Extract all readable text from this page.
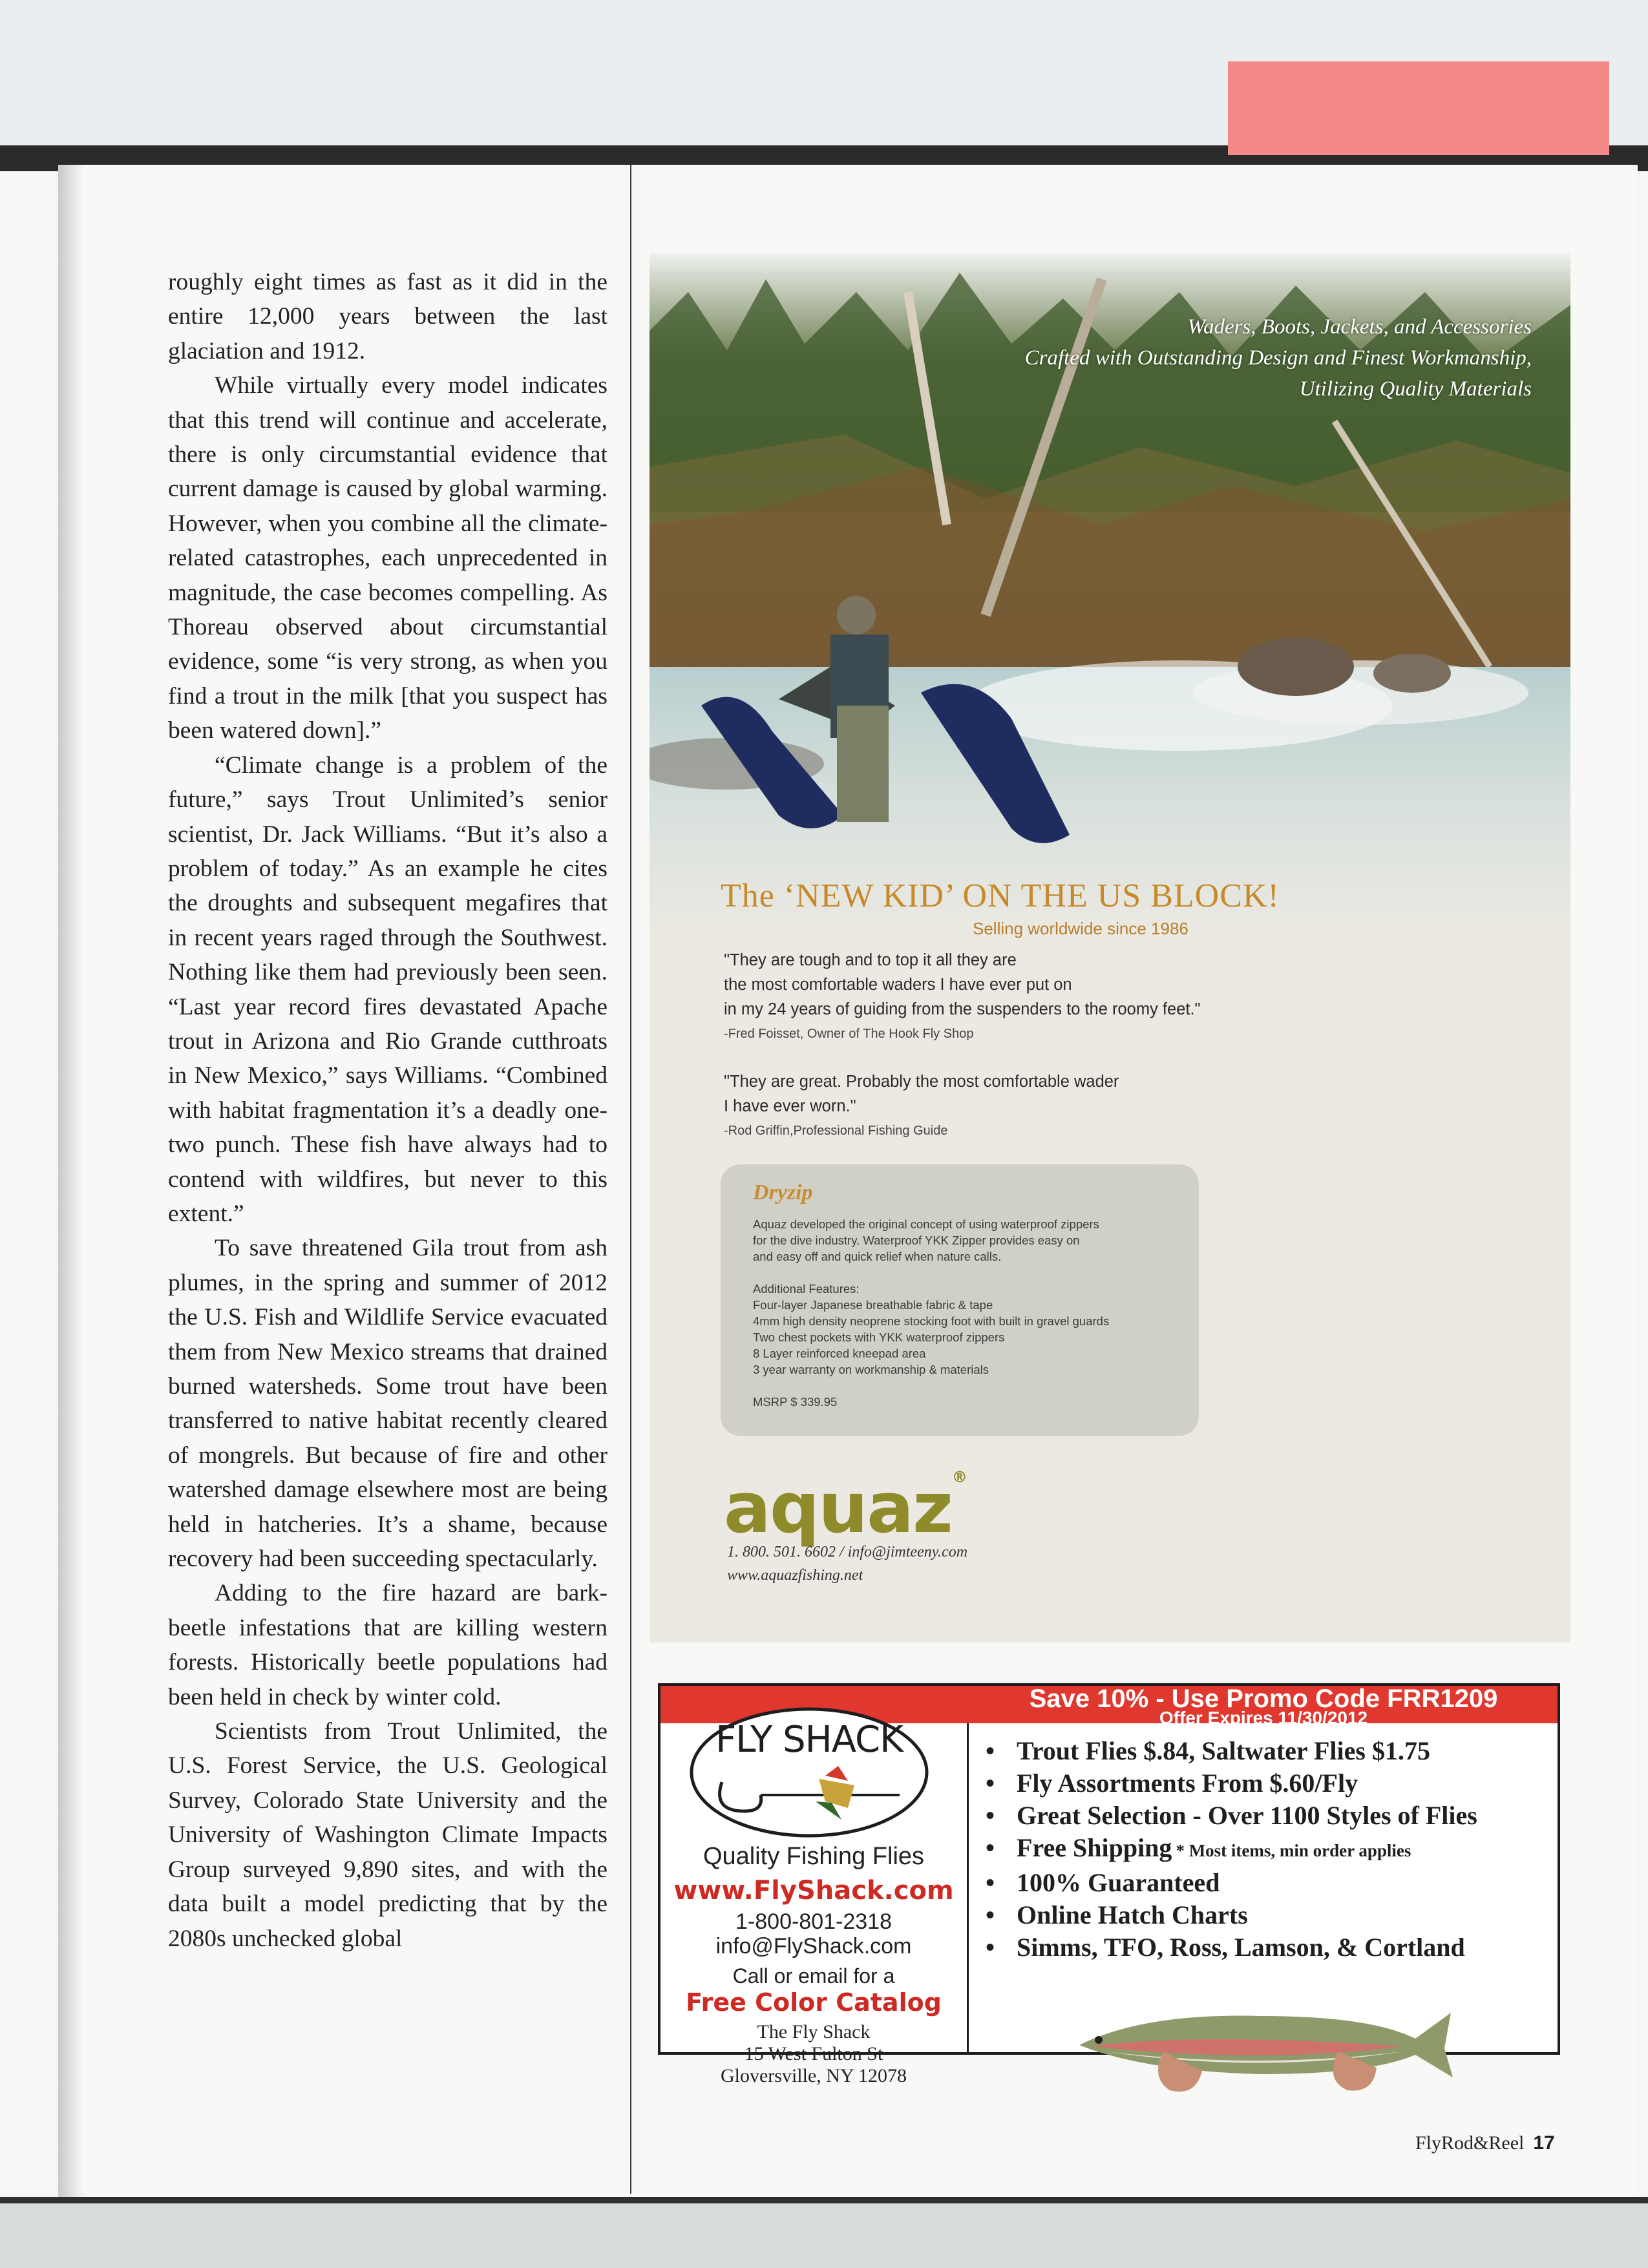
roughly eight times as fast as it did in the entire 12,000 years between the last glaciation and 1912.

While virtually every model indicates that this trend will continue and accelerate, there is only circumstantial evidence that current damage is caused by global warming. However, when you combine all the climate-related catastrophes, each unprecedented in magnitude, the case becomes compelling. As Thoreau observed about circumstantial evidence, some “is very strong, as when you find a trout in the milk [that you suspect has been watered down].”

“Climate change is a problem of the future,” says Trout Unlimited’s senior scientist, Dr. Jack Williams. “But it’s also a problem of today.” As an example he cites the droughts and subsequent megafires that in recent years raged through the Southwest. Nothing like them had previously been seen. “Last year record fires devastated Apache trout in Arizona and Rio Grande cutthroats in New Mexico,” says Williams. “Combined with habitat fragmentation it’s a deadly one-two punch. These fish have always had to contend with wildfires, but never to this extent.”

To save threatened Gila trout from ash plumes, in the spring and summer of 2012 the U.S. Fish and Wildlife Service evacuated them from New Mexico streams that drained burned watersheds. Some trout have been transferred to native habitat recently cleared of mongrels. But because of fire and other watershed damage elsewhere most are being held in hatcheries. It’s a shame, because recovery had been succeeding spectacularly.

Adding to the fire hazard are bark-beetle infestations that are killing western forests. Historically beetle populations had been held in check by winter cold.

Scientists from Trout Unlimited, the U.S. Forest Service, the U.S. Geological Survey, Colorado State University and the University of Washington Climate Impacts Group surveyed 9,890 sites, and with the data built a model predicting that by the 2080s unchecked global

Waders, Boots, Jackets, and Accessories
Crafted with Outstanding Design and Finest Workmanship,
Utilizing Quality Materials
The ‘NEW KID’ ON THE US BLOCK!
Selling worldwide since 1986
"They are tough and to top it all they are
the most comfortable waders I have ever put on
in my 24 years of guiding from the suspenders to the roomy feet."
-Fred Foisset, Owner of The Hook Fly Shop
"They are great. Probably the most comfortable wader
I have ever worn."
-Rod Griffin,Professional Fishing Guide
Dryzip
Aquaz developed the original concept of using waterproof zippers
for the dive industry. Waterproof YKK Zipper provides easy on
and easy off and quick relief when nature calls.
Additional Features:
Four-layer Japanese breathable fabric & tape
4mm high density neoprene stocking foot with built in gravel guards
Two chest pockets with YKK waterproof zippers
8 Layer reinforced kneepad area
3 year warranty on workmanship & materials
MSRP $ 339.95
aquaz®
1. 800. 501. 6602 / info@jimteeny.com
www.aquazfishing.net
Save 10% - Use Promo Code FRR1209
Offer Expires 11/30/2012
FLY SHACK
Quality Fishing Flies
www.FlyShack.com
1-800-801-2318
info@FlyShack.com
Call or email for a
Free Color Catalog
The Fly Shack
15 West Fulton St
Gloversville, NY 12078
• Trout Flies $.84, Saltwater Flies $1.75
• Fly Assortments From $.60/Fly
• Great Selection - Over 1100 Styles of Flies
• Free Shipping * Most items, min order applies
• 100% Guaranteed
• Online Hatch Charts
• Simms, TFO, Ross, Lamson, & Cortland
FlyRod&Reel 17
